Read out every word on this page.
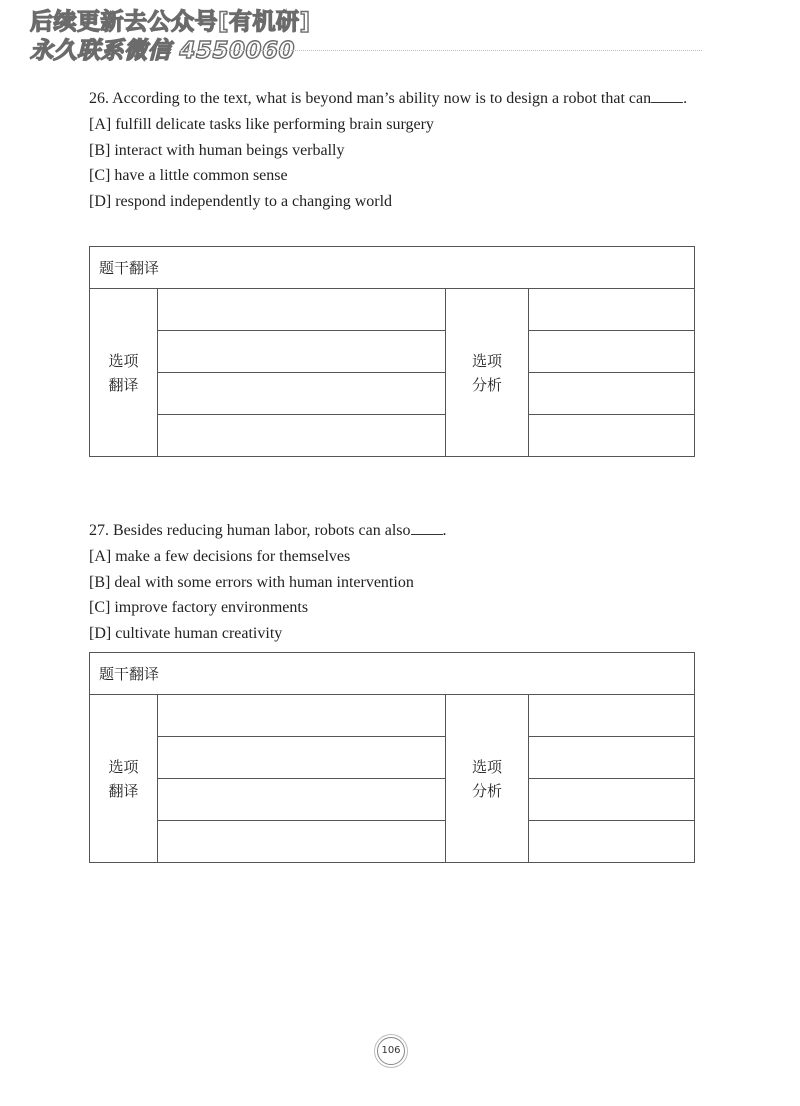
后续更新去公众号[有机研]
永久联系微信 4550060

26. According to the text, what is beyond man’s ability now is to design a robot that can .

[A] fulfill delicate tasks like performing brain surgery
[B] interact with human beings verbally
[C] have a little common sense
[D] respond independently to a changing world
题干翻译			
选项翻译		选项分析	

27. Besides reducing human labor, robots can also .

[A] make a few decisions for themselves
[B] deal with some errors with human intervention
[C] improve factory environments
[D] cultivate human creativity
题干翻译			
选项翻译		选项分析	

106
